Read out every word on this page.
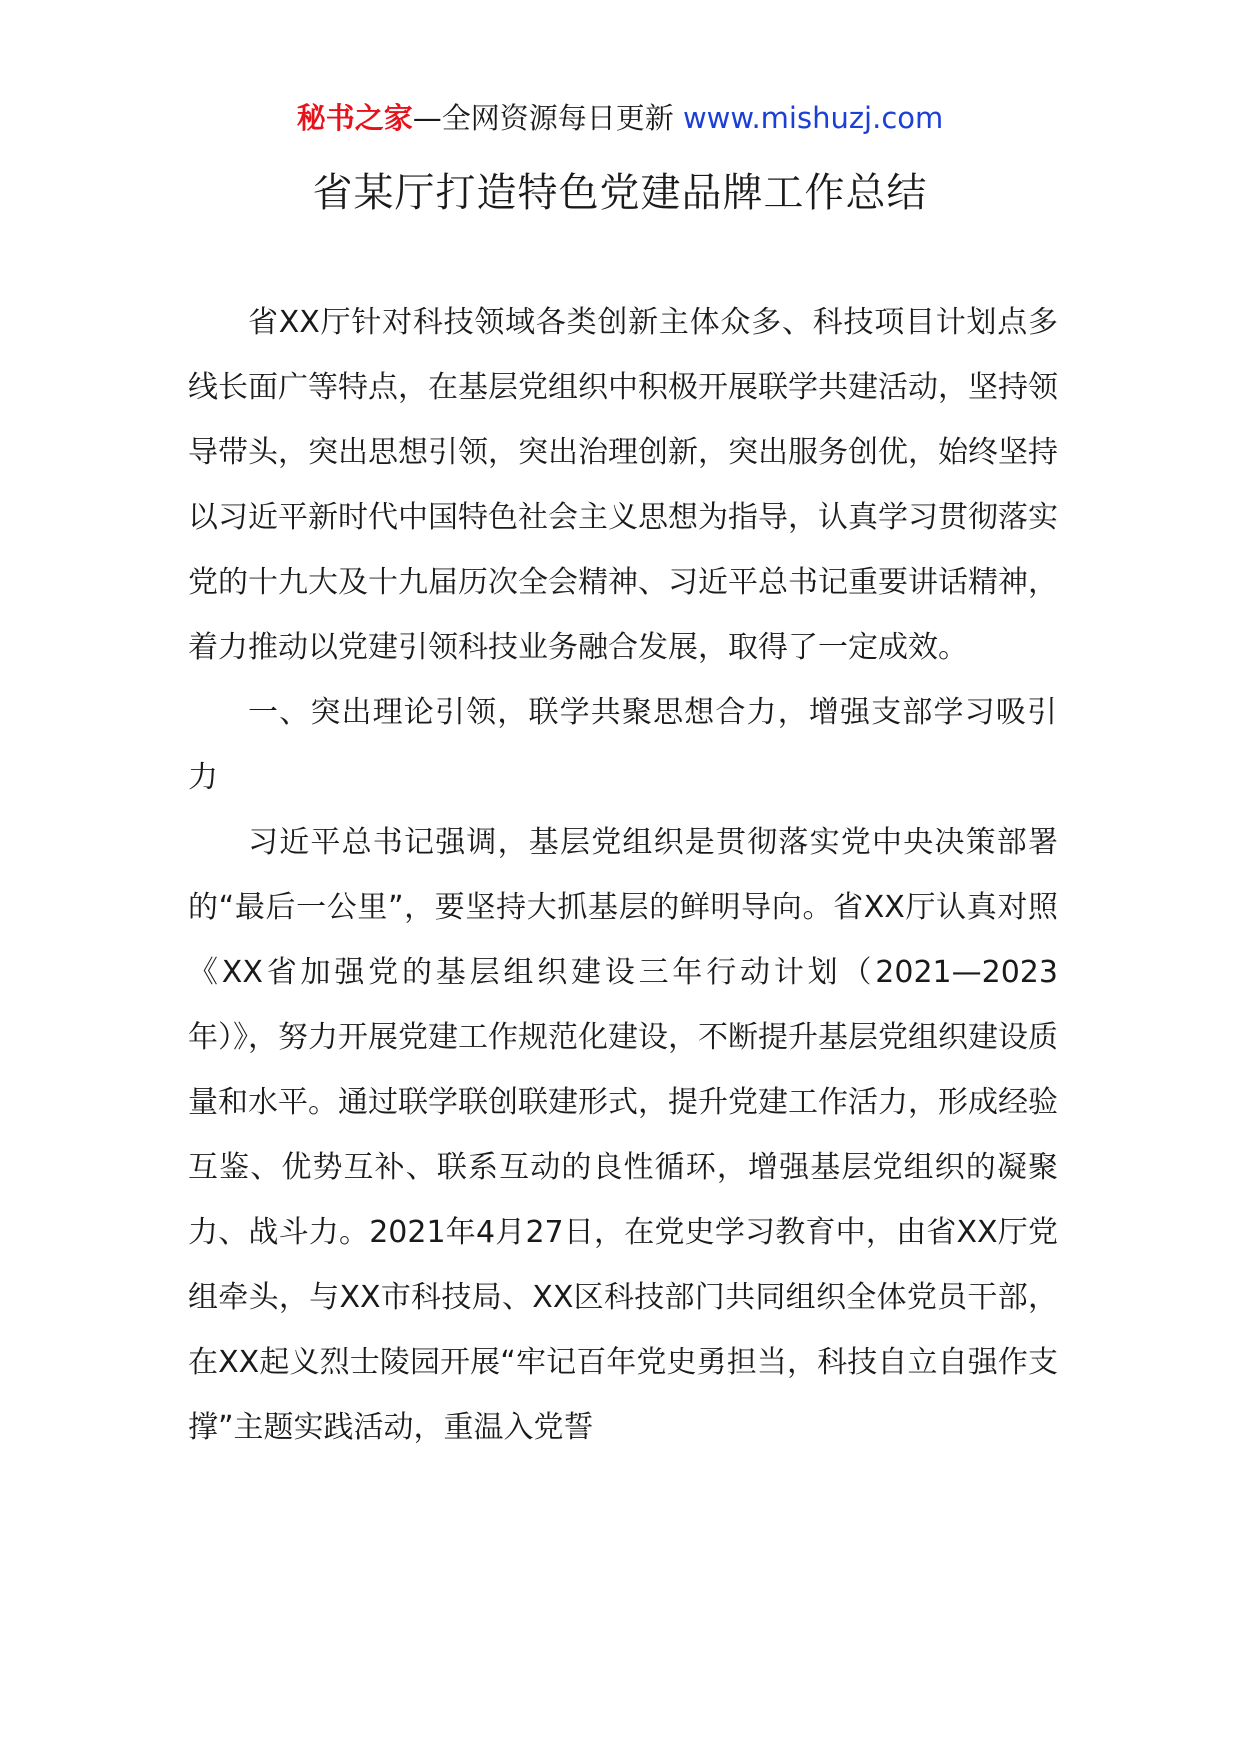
秘书之家—全网资源每日更新 www.mishuzj.com
省某厅打造特色党建品牌工作总结

省XX厅针对科技领域各类创新主体众多、科技项目计划点多线长面广等特点，在基层党组织中积极开展联学共建活动，坚持领导带头，突出思想引领，突出治理创新，突出服务创优，始终坚持以习近平新时代中国特色社会主义思想为指导，认真学习贯彻落实党的十九大及十九届历次全会精神、习近平总书记重要讲话精神，着力推动以党建引领科技业务融合发展，取得了一定成效。

一、突出理论引领，联学共聚思想合力，增强支部学习吸引力

习近平总书记强调，基层党组织是贯彻落实党中央决策部署的“最后一公里”，要坚持大抓基层的鲜明导向。省XX厅认真对照《XX省加强党的基层组织建设三年行动计划（2021—2023年）》，努力开展党建工作规范化建设，不断提升基层党组织建设质量和水平。通过联学联创联建形式，提升党建工作活力，形成经验互鉴、优势互补、联系互动的良性循环，增强基层党组织的凝聚力、战斗力。2021年4月27日，在党史学习教育中，由省XX厅党组牵头，与XX市科技局、XX区科技部门共同组织全体党员干部，在XX起义烈士陵园开展“牢记百年党史勇担当，科技自立自强作支撑”主题实践活动，重温入党誓
